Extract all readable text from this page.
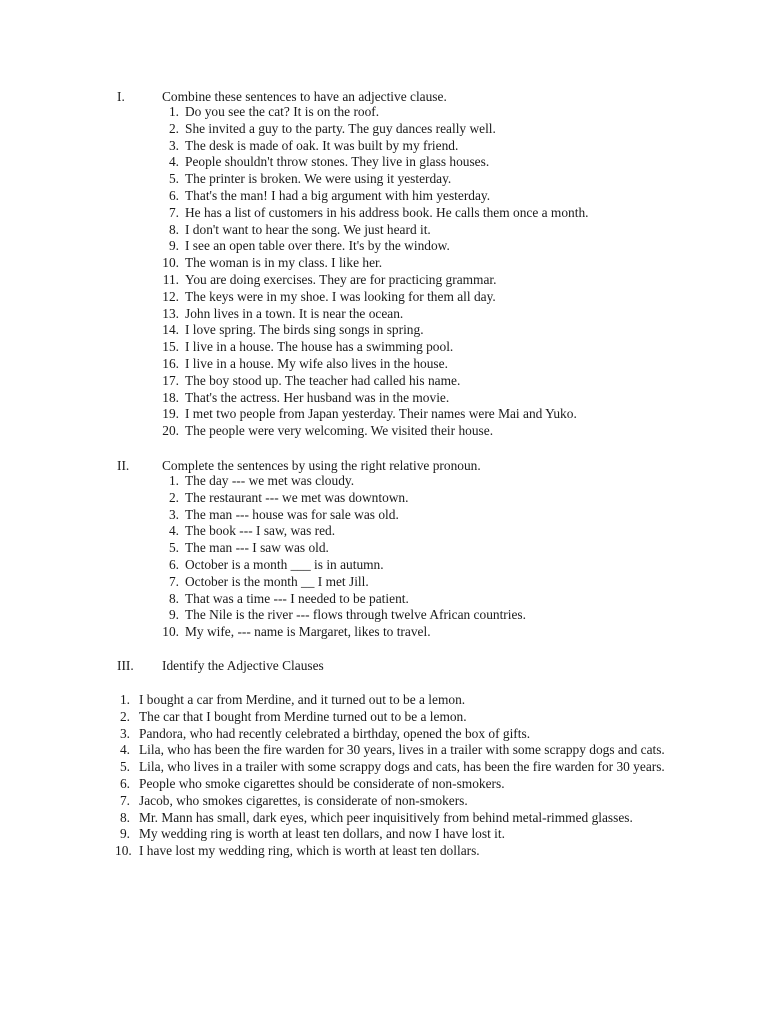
I.	Combine these sentences to have an adjective clause.
1. Do you see the cat? It is on the roof.
2. She invited a guy to the party. The guy dances really well.
3. The desk is made of oak. It was built by my friend.
4. People shouldn't throw stones. They live in glass houses.
5. The printer is broken. We were using it yesterday.
6. That's the man! I had a big argument with him yesterday.
7. He has a list of customers in his address book. He calls them once a month.
8. I don't want to hear the song. We just heard it.
9. I see an open table over there. It's by the window.
10. The woman is in my class. I like her.
11. You are doing exercises. They are for practicing grammar.
12. The keys were in my shoe. I was looking for them all day.
13. John lives in a town. It is near the ocean.
14. I love spring. The birds sing songs in spring.
15. I live in a house. The house has a swimming pool.
16. I live in a house. My wife also lives in the house.
17. The boy stood up. The teacher had called his name.
18. That's the actress. Her husband was in the movie.
19. I met two people from Japan yesterday. Their names were Mai and Yuko.
20. The people were very welcoming. We visited their house.
II. Complete the sentences by using the right relative pronoun.
1. The day --- we met was cloudy.
2. The restaurant --- we met was downtown.
3. The man --- house was for sale was old.
4. The book --- I saw, was red.
5. The man --- I saw was old.
6. October is a month ___ is in autumn.
7. October is the month __ I met Jill.
8. That was a time --- I needed to be patient.
9. The Nile is the river --- flows through twelve African countries.
10. My wife, --- name is Margaret, likes to travel.
III. Identify the Adjective Clauses
1. I bought a car from Merdine, and it turned out to be a lemon.
2. The car that I bought from Merdine turned out to be a lemon.
3. Pandora, who had recently celebrated a birthday, opened the box of gifts.
4. Lila, who has been the fire warden for 30 years, lives in a trailer with some scrappy dogs and cats.
5. Lila, who lives in a trailer with some scrappy dogs and cats, has been the fire warden for 30 years.
6. People who smoke cigarettes should be considerate of non-smokers.
7. Jacob, who smokes cigarettes, is considerate of non-smokers.
8. Mr. Mann has small, dark eyes, which peer inquisitively from behind metal-rimmed glasses.
9. My wedding ring is worth at least ten dollars, and now I have lost it.
10. I have lost my wedding ring, which is worth at least ten dollars.
